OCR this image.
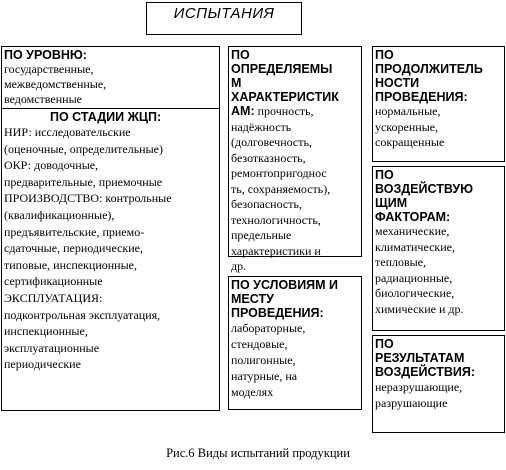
ИСПЫТАНИЯ
ПО УРОВНЮ:
государственные,
межведомственные,
ведомственные
ПО СТАДИИ ЖЦП:
НИР: исследовательские
(оценочные, определительные)
ОКР: доводочные,
предварительные, приемочные
ПРОИЗВОДСТВО: контрольные
(квалификационные),
предъявительские, приемо-
сдаточные, периодические,
типовые, инспекционные,
сертификационные
ЭКСПЛУАТАЦИЯ:
подконтрольная эксплуатация,
инспекционные,
эксплуатационные
периодические
ПО
ОПРЕДЕЛЯЕМЫ
М
ХАРАКТЕРИСТИК
АМ: прочность,
надёжность
(долговечность,
безотказность,
ремонтопригоднос
ть, сохраняемость),
безопасность,
технологичность,
предельные
характеристики и
др.
ПО УСЛОВИЯМ И
МЕСТУ
ПРОВЕДЕНИЯ:
лабораторные,
стендовые,
полигонные,
натурные, на
моделях
ПО
ПРОДОЛЖИТЕЛЬ
НОСТИ
ПРОВЕДЕНИЯ:
нормальные,
ускоренные,
сокращенные
ПО
ВОЗДЕЙСТВУЮ
ЩИМ
ФАКТОРАМ:
механические,
климатические,
тепловые,
радиационные,
биологические,
химические и др.
ПО
РЕЗУЛЬТАТАМ
ВОЗДЕЙСТВИЯ:
неразрушающие,
разрушающие
Рис.6 Виды испытаний продукции
